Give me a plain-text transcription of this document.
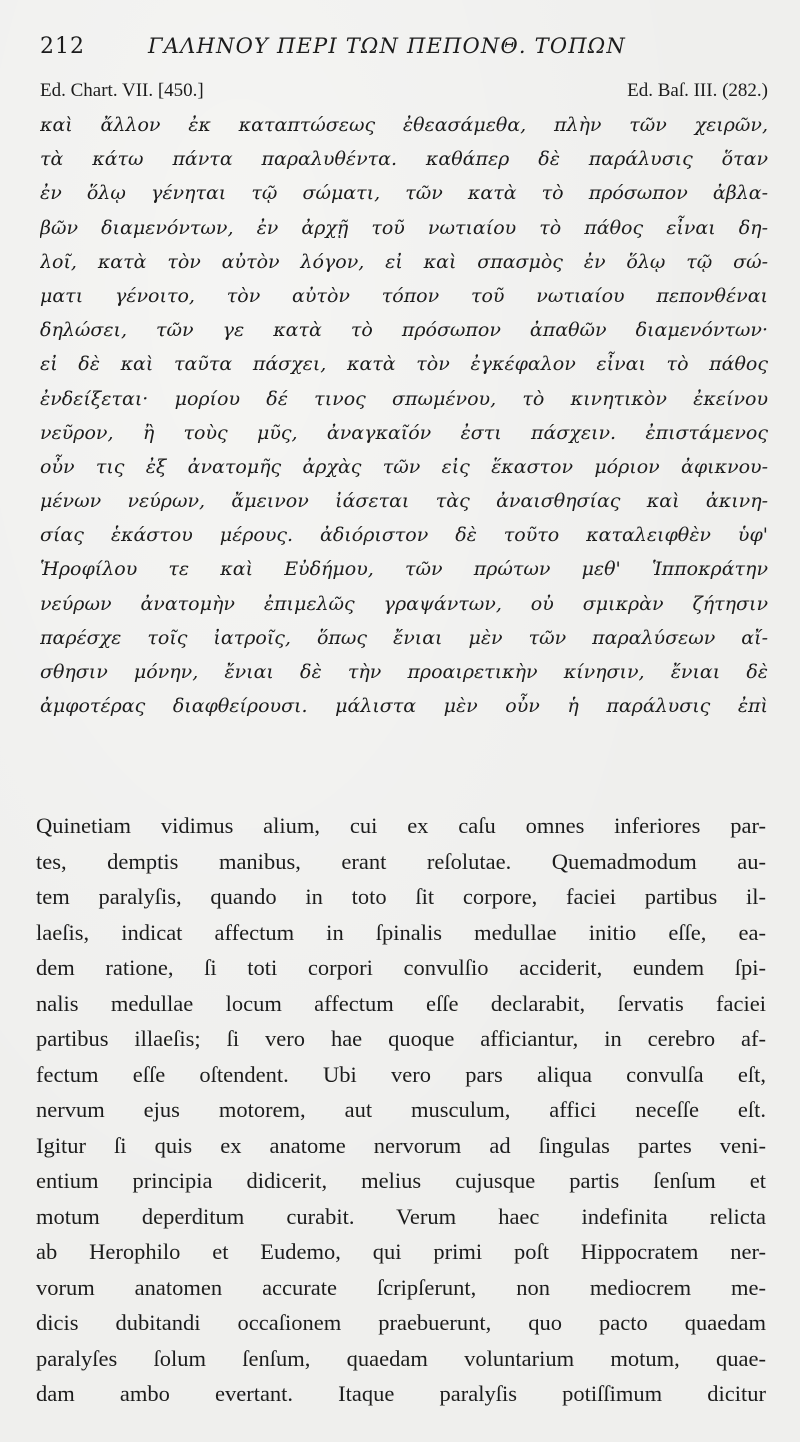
212	ΓΑΛΗΝΟΥ ΠΕΡΙ ΤΩΝ ΠΕΠΟΝΘ. ΤΟΠΩΝ
Ed. Chart. VII. [450.]	Ed. Baſ. III. (282.)
καὶ ἄλλον ἐκ καταπτώσεως ἐθεασάμεθα, πλὴν τῶν χειρῶν,
τὰ κάτω πάντα παραλυθέντα. καθάπερ δὲ παράλυσις ὅταν
ἐν ὅλῳ γένηται τῷ σώματι, τῶν κατὰ τὸ πρόσωπον ἀβλα-
βῶν διαμενόντων, ἐν ἀρχῇ τοῦ νωτιαίου τὸ πάθος εἶναι δη-
λοῖ, κατὰ τὸν αὐτὸν λόγον, εἰ καὶ σπασμὸς ἐν ὅλῳ τῷ σώ-
ματι γένοιτο, τὸν αὐτὸν τόπον τοῦ νωτιαίου πεπονθέναι
δηλώσει, τῶν γε κατὰ τὸ πρόσωπον ἀπαθῶν διαμενόντων·
εἰ δὲ καὶ ταῦτα πάσχει, κατὰ τὸν ἐγκέφαλον εἶναι τὸ πάθος
ἐνδείξεται· μορίου δέ τινος σπωμένου, τὸ κινητικὸν ἐκείνου
νεῦρον, ἢ τοὺς μῦς, ἀναγκαῖόν ἐστι πάσχειν. ἐπιστάμενος
οὖν τις ἐξ ἀνατομῆς ἀρχὰς τῶν εἰς ἕκαστον μόριον ἀφικνου-
μένων νεύρων, ἄμεινον ἰάσεται τὰς ἀναισθησίας καὶ ἀκινη-
σίας ἑκάστου μέρους. ἀδιόριστον δὲ τοῦτο καταλειφθὲν ὑφ'
Ἡροφίλου τε καὶ Εὐδήμου, τῶν πρώτων μεθ' Ἱπποκράτην
νεύρων ἀνατομὴν ἐπιμελῶς γραψάντων, οὐ σμικρὰν ζήτησιν
παρέσχε τοῖς ἰατροῖς, ὅπως ἔνιαι μὲν τῶν παραλύσεων αἴ-
σθησιν μόνην, ἔνιαι δὲ τὴν προαιρετικὴν κίνησιν, ἔνιαι δὲ
ἀμφοτέρας διαφθείρουσι. μάλιστα μὲν οὖν ἡ παράλυσις ἐπὶ
Quinetiam vidimus alium, cui ex caſu omnes inferiores par-
tes, demptis manibus, erant reſolutae. Quemadmodum au-
tem paralyſis, quando in toto ſit corpore, faciei partibus il-
laeſis, indicat affectum in ſpinalis medullae initio eſſe, ea-
dem ratione, ſi toti corpori convulſio acciderit, eundem ſpi-
nalis medullae locum affectum eſſe declarabit, ſervatis faciei
partibus illaeſis; ſi vero hae quoque afficiantur, in cerebro af-
fectum eſſe oſtendent. Ubi vero pars aliqua convulſa eſt,
nervum ejus motorem, aut musculum, affici neceſſe eſt.
Igitur ſi quis ex anatome nervorum ad ſingulas partes veni-
entium principia didicerit, melius cujusque partis ſenſum et
motum deperditum curabit. Verum haec indefinita relicta
ab Herophilo et Eudemo, qui primi poſt Hippocratem ner-
vorum anatomen accurate ſcripſerunt, non mediocrem me-
dicis dubitandi occaſionem praebuerunt, quo pacto quaedam
paralyſes ſolum ſenſum, quaedam voluntarium motum, quae-
dam ambo evertant. Itaque paralyſis potiſſimum dicitur
